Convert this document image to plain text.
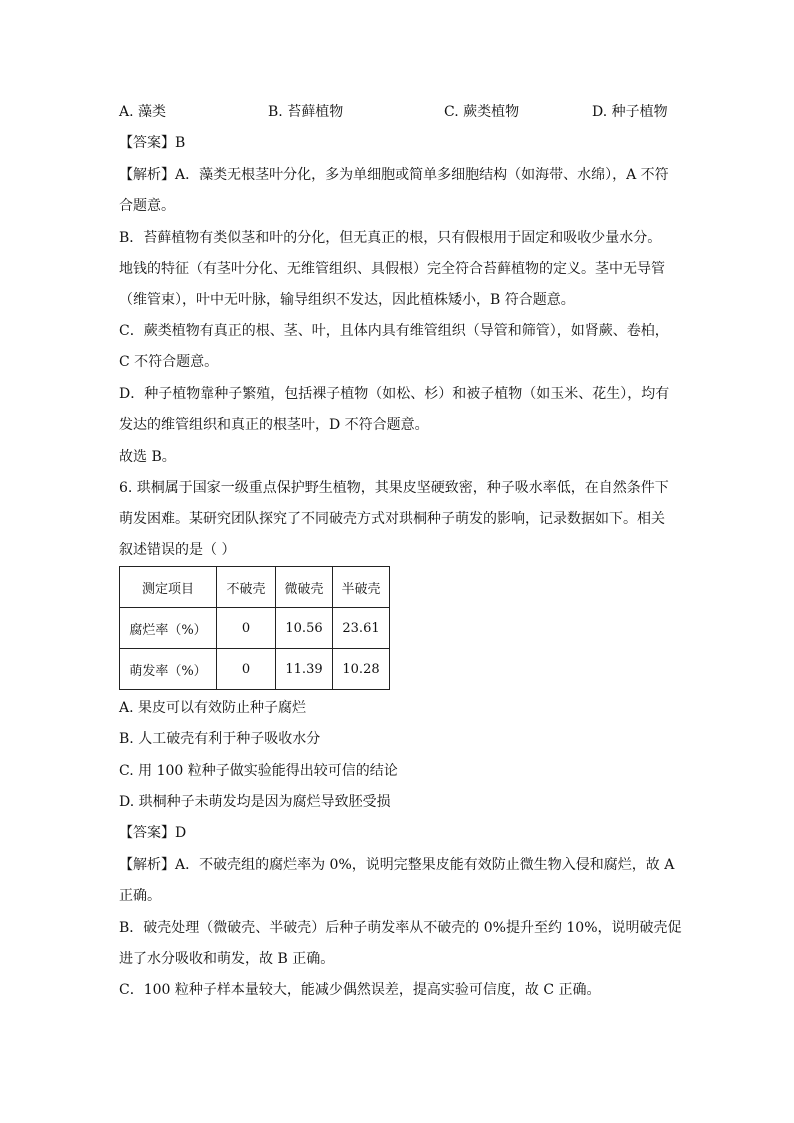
A. 藻类	B. 苔藓植物	C. 蕨类植物	D. 种子植物
【答案】B
【解析】A．藻类无根茎叶分化，多为单细胞或简单多细胞结构（如海带、水绵），A 不符
合题意。
B．苔藓植物有类似茎和叶的分化，但无真正的根，只有假根用于固定和吸收少量水分。
地钱的特征（有茎叶分化、无维管组织、具假根）完全符合苔藓植物的定义。茎中无导管
（维管束），叶中无叶脉，输导组织不发达，因此植株矮小，B 符合题意。
C．蕨类植物有真正的根、茎、叶，且体内具有维管组织（导管和筛管），如肾蕨、卷柏，
C 不符合题意。
D．种子植物靠种子繁殖，包括裸子植物（如松、杉）和被子植物（如玉米、花生），均有
发达的维管组织和真正的根茎叶，D 不符合题意。
故选 B。
6. 珙桐属于国家一级重点保护野生植物，其果皮坚硬致密，种子吸水率低，在自然条件下
萌发困难。某研究团队探究了不同破壳方式对珙桐种子萌发的影响，记录数据如下。相关
叙述错误的是（ ）
测定项目	不破壳	微破壳	半破壳
腐烂率（%）	0	10.56	23.61
萌发率（%）	0	11.39	10.28
A. 果皮可以有效防止种子腐烂
B. 人工破壳有利于种子吸收水分
C. 用 100 粒种子做实验能得出较可信的结论
D. 珙桐种子未萌发均是因为腐烂导致胚受损
【答案】D
【解析】A．不破壳组的腐烂率为 0%，说明完整果皮能有效防止微生物入侵和腐烂，故 A
正确。
B．破壳处理（微破壳、半破壳）后种子萌发率从不破壳的 0%提升至约 10%，说明破壳促
进了水分吸收和萌发，故 B 正确。
C．100 粒种子样本量较大，能减少偶然误差，提高实验可信度，故 C 正确。
